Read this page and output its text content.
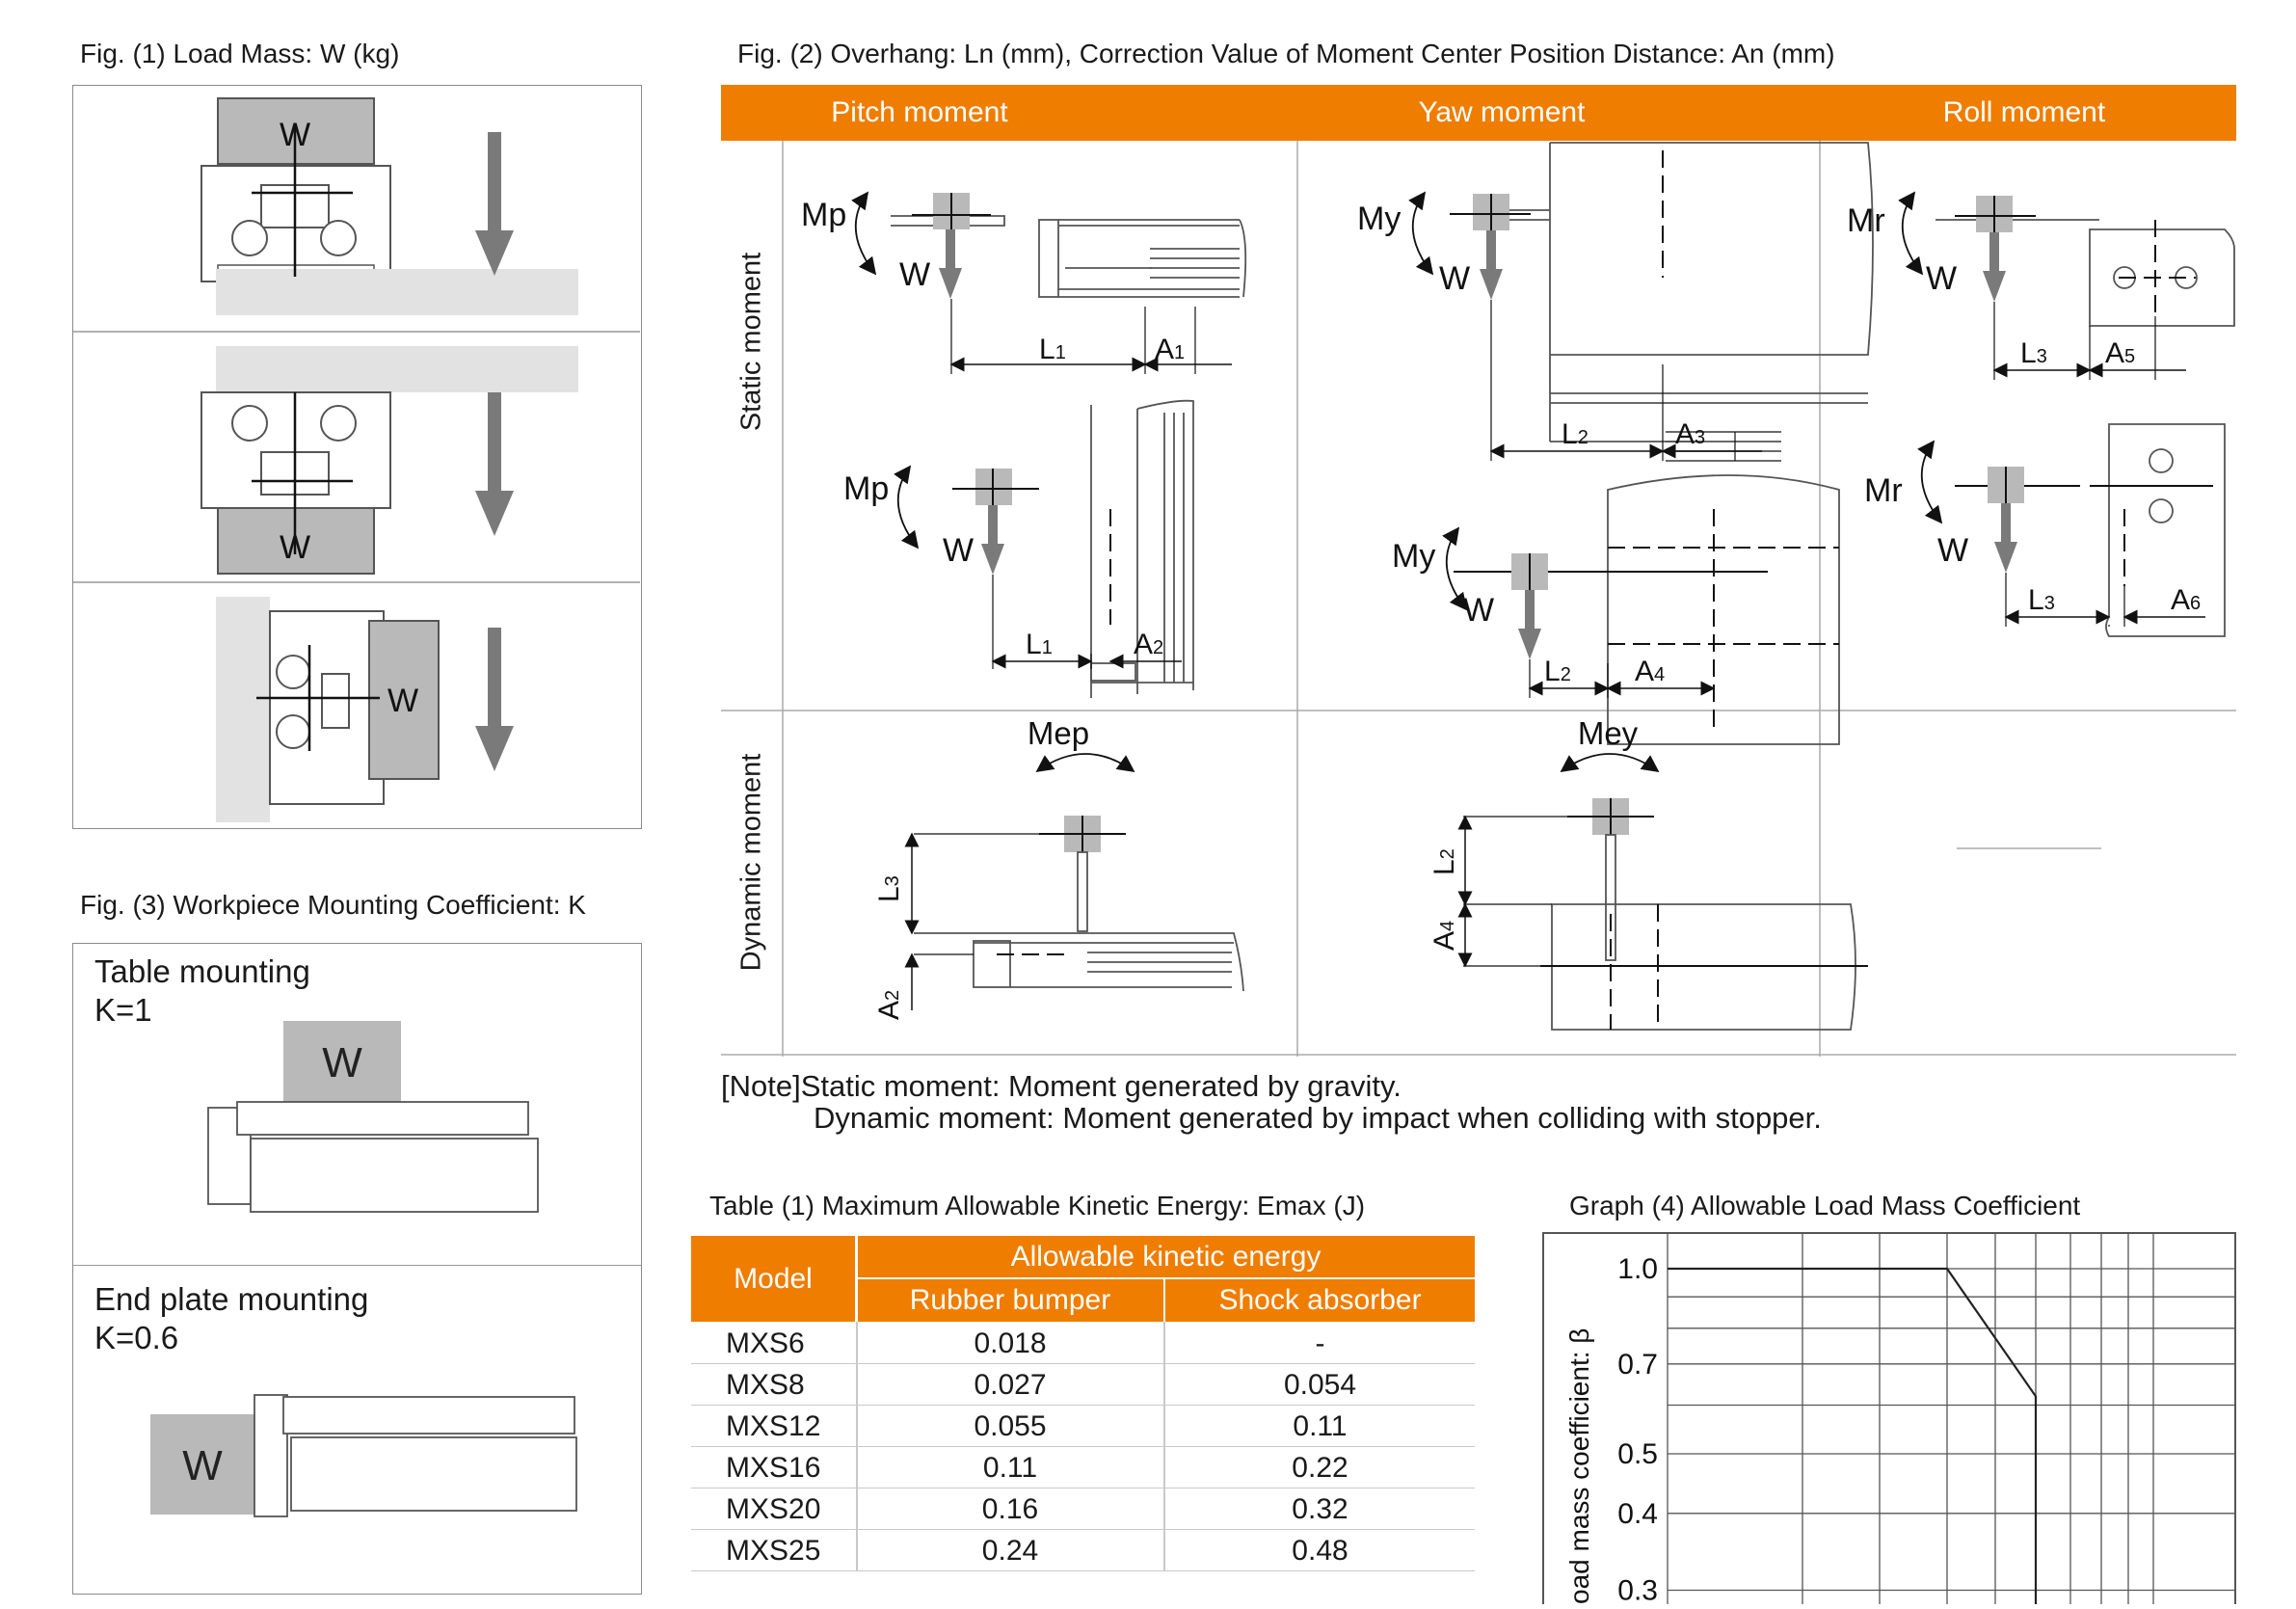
Fig. (1) Load Mass: W (kg)
W
W
W
Fig. (3) Workpiece Mounting Coefficient: K
Table mounting
K=1
End plate mounting
K=0.6
W
W
Fig. (2) Overhang: Ln (mm), Correction Value of Moment Center Position Distance: An (mm)
Pitch moment	Yaw moment	Roll moment
Static moment
Dynamic moment
Mp
W
L1	A1
Mp
W
L1	A2
My
W
L2	A3
My
W
L2 A4
Mr
W
L3 A5
Mr
W
L3	A6
Mep
L3
A2
Mey
L2
A4
[Note]Static moment: Moment generated by gravity.
Dynamic moment: Moment generated by impact when colliding with stopper.
Table (1) Maximum Allowable Kinetic Energy: Emax (J)
Model
Allowable kinetic energy
Rubber bumper	Shock absorber
MXS6	0.018	-
MXS8	0.027	0.054
MXS12	0.055	0.11
MXS16	0.11	0.22
MXS20	0.16	0.32
MXS25	0.24	0.48
Graph (4) Allowable Load Mass Coefficient
1.0
0.7
0.5
0.4
0.3
oad mass coefficient: β
